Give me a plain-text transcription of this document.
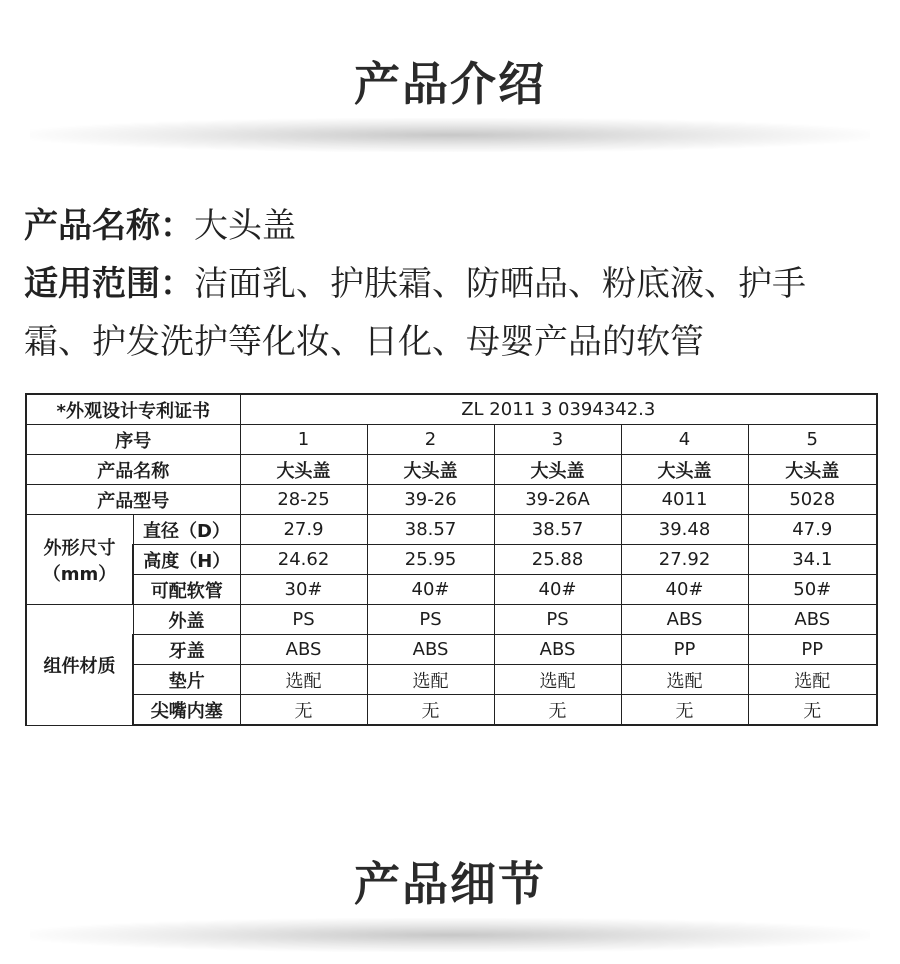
产品介绍
产品名称：大头盖
适用范围：洁面乳、护肤霜、防晒品、粉底液、护手
霜、护发洗护等化妆、日化、母婴产品的软管
*外观设计专利证书		ZL 2011 3 0394342.3				
序号		1	2	3	4	5
产品名称		大头盖	大头盖	大头盖	大头盖	大头盖
产品型号		28-25	39-26	39-26A	4011	5028

外形尺寸
（mm）	直径（D）	27.9	38.57	38.57	39.48	47.9
	高度（H）	24.62	25.95	25.88	27.92	34.1
	可配软管	30#	40#	40#	40#	50#
组件材质	外盖	PS	PS	PS	ABS	ABS
	牙盖	ABS	ABS	ABS	PP	PP
	垫片	选配	选配	选配	选配	选配
	尖嘴内塞	无	无	无	无	无
产品细节
